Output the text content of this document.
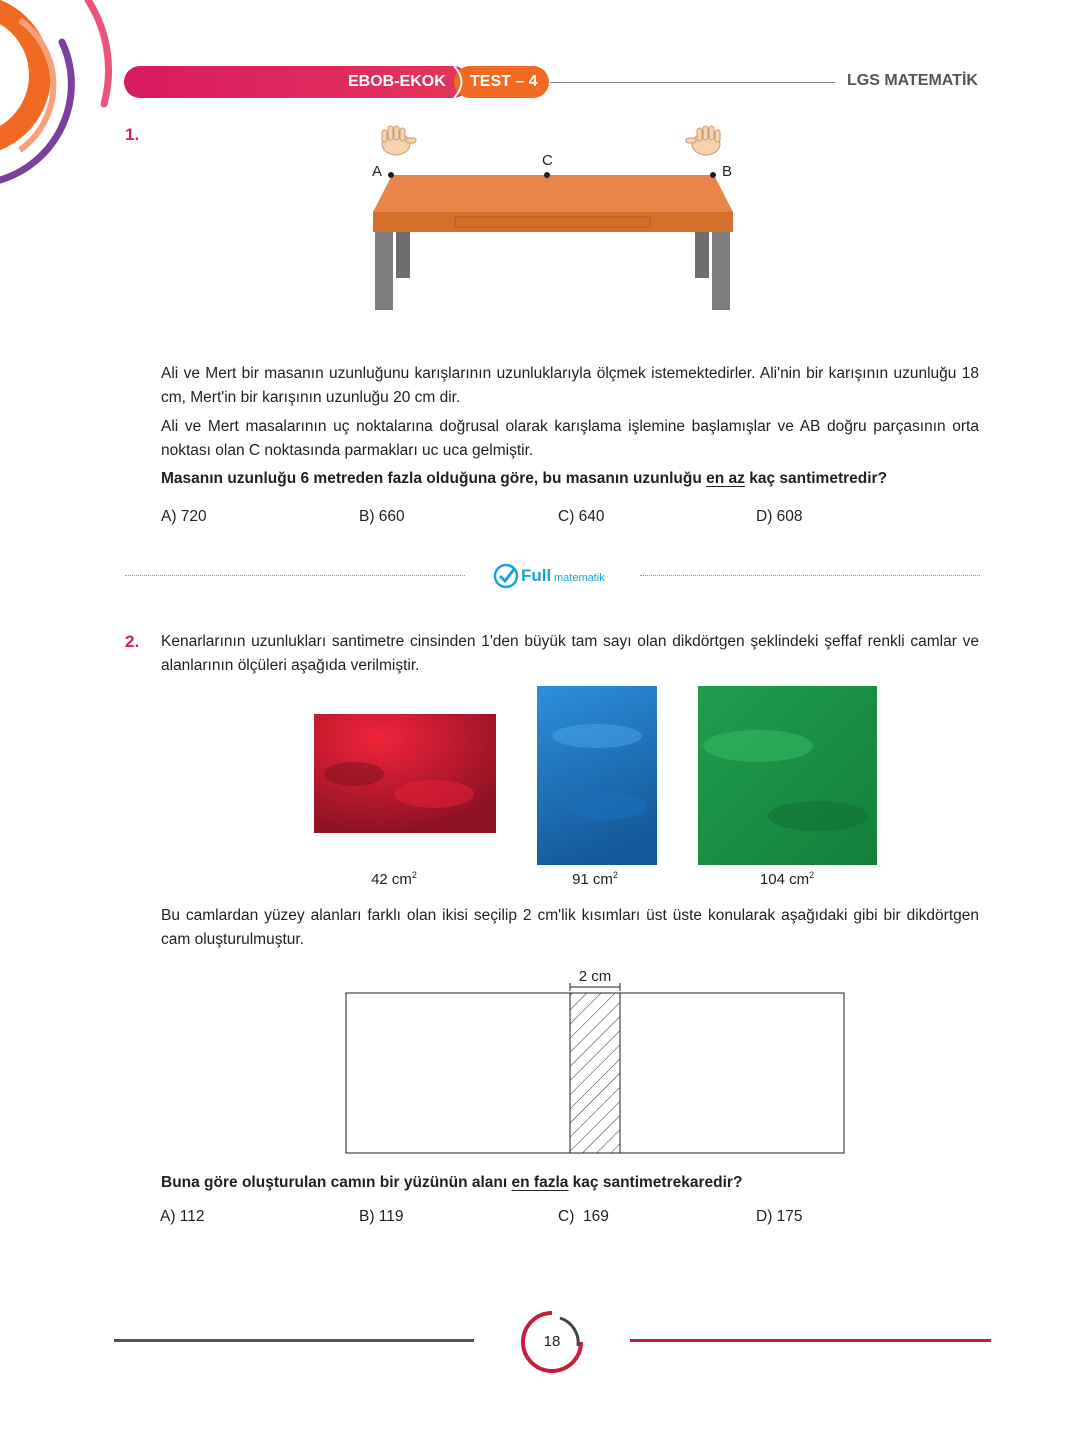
EBOB-EKOK TEST – 4	LGS MATEMATİK
1.
A
C
B
Ali ve Mert bir masanın uzunluğunu karışlarının uzunluklarıyla ölçmek istemektedirler. Ali'nin bir karışının uzunluğu 18 cm, Mert'in bir karışının uzunluğu 20 cm dir.
Ali ve Mert masalarının uç noktalarına doğrusal olarak karışlama işlemine başlamışlar ve AB doğru parçasının orta noktası olan C noktasında parmakları uc uca gelmiştir.
Masanın uzunluğu 6 metreden fazla olduğuna göre, bu masanın uzunluğu en az kaç santimetredir?
A) 720	B) 660	C) 640	D) 608
Full matematik
2. Kenarlarının uzunlukları santimetre cinsinden 1'den büyük tam sayı olan dikdörtgen şeklindeki şeffaf renkli camlar ve alanlarının ölçüleri aşağıda verilmiştir.
42 $cm^2$	91 $cm^2$	104 $cm^2$
Bu camlardan yüzey alanları farklı olan ikisi seçilip 2 cm'lik kısımları üst üste konularak aşağıdaki gibi bir dikdörtgen cam oluşturulmuştur.
2 cm
Buna göre oluşturulan camın bir yüzünün alanı en fazla kaç santimetrekaredir?
A) 112	B) 119	C)  169	D) 175
18
